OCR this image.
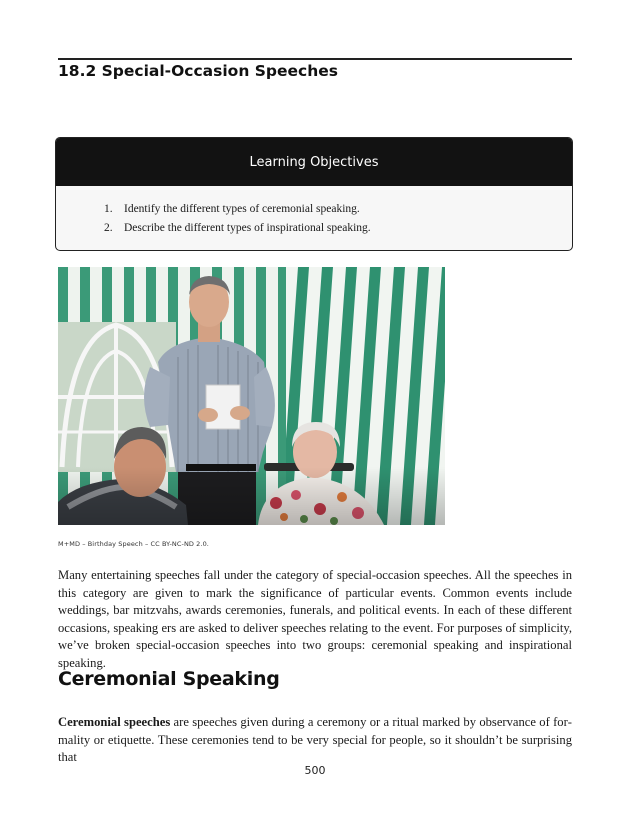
18.2 Special-Occasion Speeches
Learning Objectives
1. Identify the different types of ceremonial speaking.
2. Describe the different types of inspirational speaking.

M+MD – Birthday Speech – CC BY-NC-ND 2.0.

Many entertaining speeches fall under the category of special-occasion speeches. All the speeches in this category are given to mark the significance of particular events. Common events include weddings, bar mitzvahs, awards ceremonies, funerals, and political events. In each of these different occasions, speaking ers are asked to deliver speeches relating to the event. For purposes of simplicity, we’ve broken special-occasion speeches into two groups: ceremonial speaking and inspirational speaking.

Ceremonial Speaking

Ceremonial speeches are speeches given during a ceremony or a ritual marked by observance of formality or etiquette. These ceremonies tend to be very special for people, so it shouldn’t be surprising that

500
